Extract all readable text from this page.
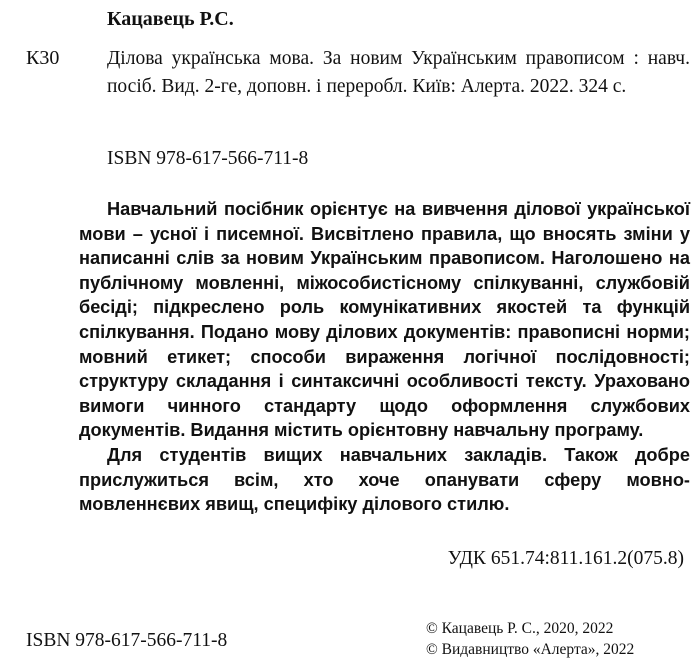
Кацавець Р.С.
К30 Ділова українська мова. За новим Українським правописом : навч. посіб. Вид. 2-ге, доповн. і переробл. Київ: Алерта. 2022. 324 с.
ISBN 978-617-566-711-8

Навчальний посібник орієнтує на вивчення ділової української мови – усної і писемної. Висвітлено правила, що вносять зміни у написанні слів за новим Українським правописом. Наголошено на публічному мовленні, міжособистісному спілкуванні, службовій бесіді; підкреслено роль комунікативних якостей та функцій спілкування. Подано мову ділових документів: правописні норми; мовний етикет; способи вираження логічної послідовності; структуру складання і синтаксичні особливості тексту. Ураховано вимоги чинного стандарту щодо оформлення службових документів. Видання містить орієнтовну навчальну програму.

Для студентів вищих навчальних закладів. Також добре прислужиться всім, хто хоче опанувати сферу мовно-мовленнєвих явищ, специфіку ділового стилю.

УДК 651.74:811.161.2(075.8)
ISBN 978-617-566-711-8
© Кацавець Р. С., 2020, 2022
© Видавництво «Алерта», 2022
